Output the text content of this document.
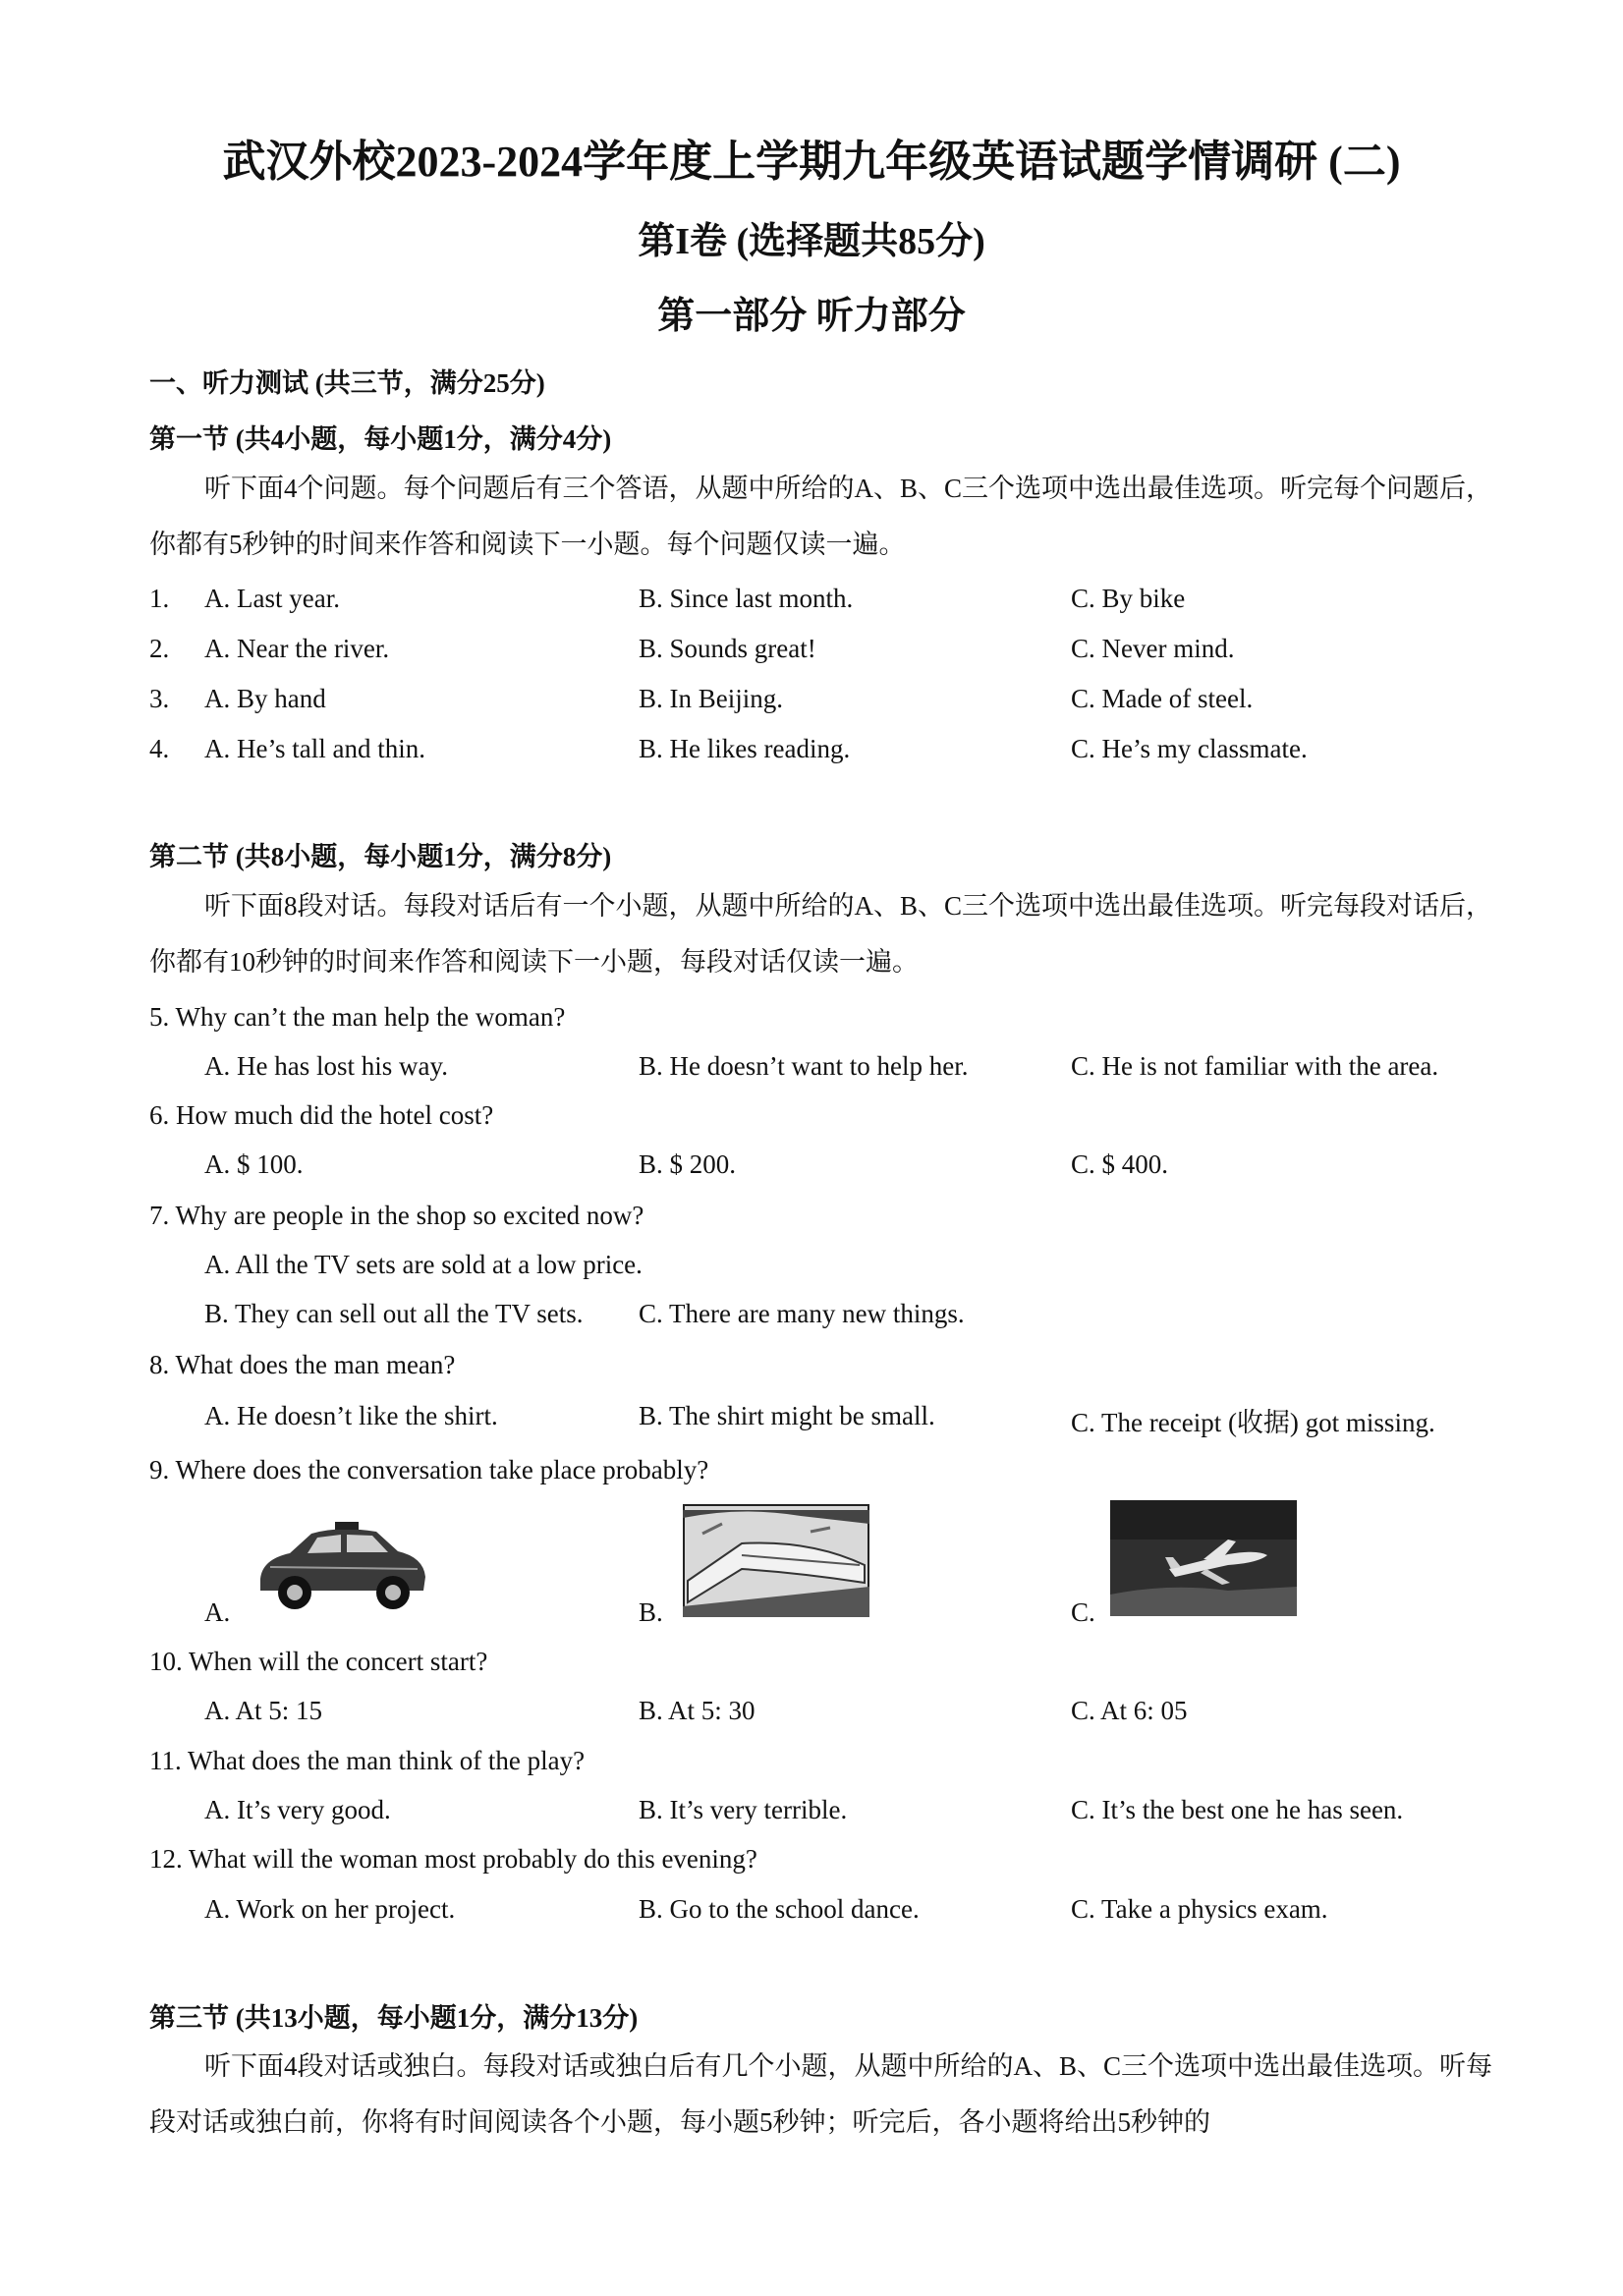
武汉外校2023-2024学年度上学期九年级英语试题学情调研 (二)
第I卷 (选择题共85分)
第一部分 听力部分
一、听力测试 (共三节，满分25分)
第一节 (共4小题，每小题1分，满分4分)
听下面4个问题。每个问题后有三个答语，从题中所给的A、B、C三个选项中选出最佳选项。听完每个问题后，你都有5秒钟的时间来作答和阅读下一小题。每个问题仅读一遍。
1. A. Last year.	B. Since last month.	C. By bike
2. A. Near the river.	B. Sounds great!	C. Never mind.
3. A. By hand	B. In Beijing.	C. Made of steel.
4. A. He’s tall and thin.	B. He likes reading.	C. He’s my classmate.
第二节 (共8小题，每小题1分，满分8分)
听下面8段对话。每段对话后有一个小题，从题中所给的A、B、C三个选项中选出最佳选项。听完每段对话后，你都有10秒钟的时间来作答和阅读下一小题，每段对话仅读一遍。
5. Why can’t the man help the woman?
A. He has lost his way.	B. He doesn’t want to help her.	C. He is not familiar with the area.
6. How much did the hotel cost?
A. $ 100.	B. $ 200.	C. $ 400.
7. Why are people in the shop so excited now?
A. All the TV sets are sold at a low price.
B. They can sell out all the TV sets. C. There are many new things.
8. What does the man mean?
A. He doesn’t like the shirt.	B. The shirt might be small.	C. The receipt (收据) got missing.
9. Where does the conversation take place probably?
A.	B.	C.
10. When will the concert start?
A. At 5: 15	B. At 5: 30	C. At 6: 05
11. What does the man think of the play?
A. It’s very good.	B. It’s very terrible.	C. It’s the best one he has seen.
12. What will the woman most probably do this evening?
A. Work on her project.	B. Go to the school dance.	C. Take a physics exam.
第三节 (共13小题，每小题1分，满分13分)
听下面4段对话或独白。每段对话或独白后有几个小题，从题中所给的A、B、C三个选项中选出最佳选项。听每段对话或独白前，你将有时间阅读各个小题，每小题5秒钟；听完后，各小题将给出5秒钟的
